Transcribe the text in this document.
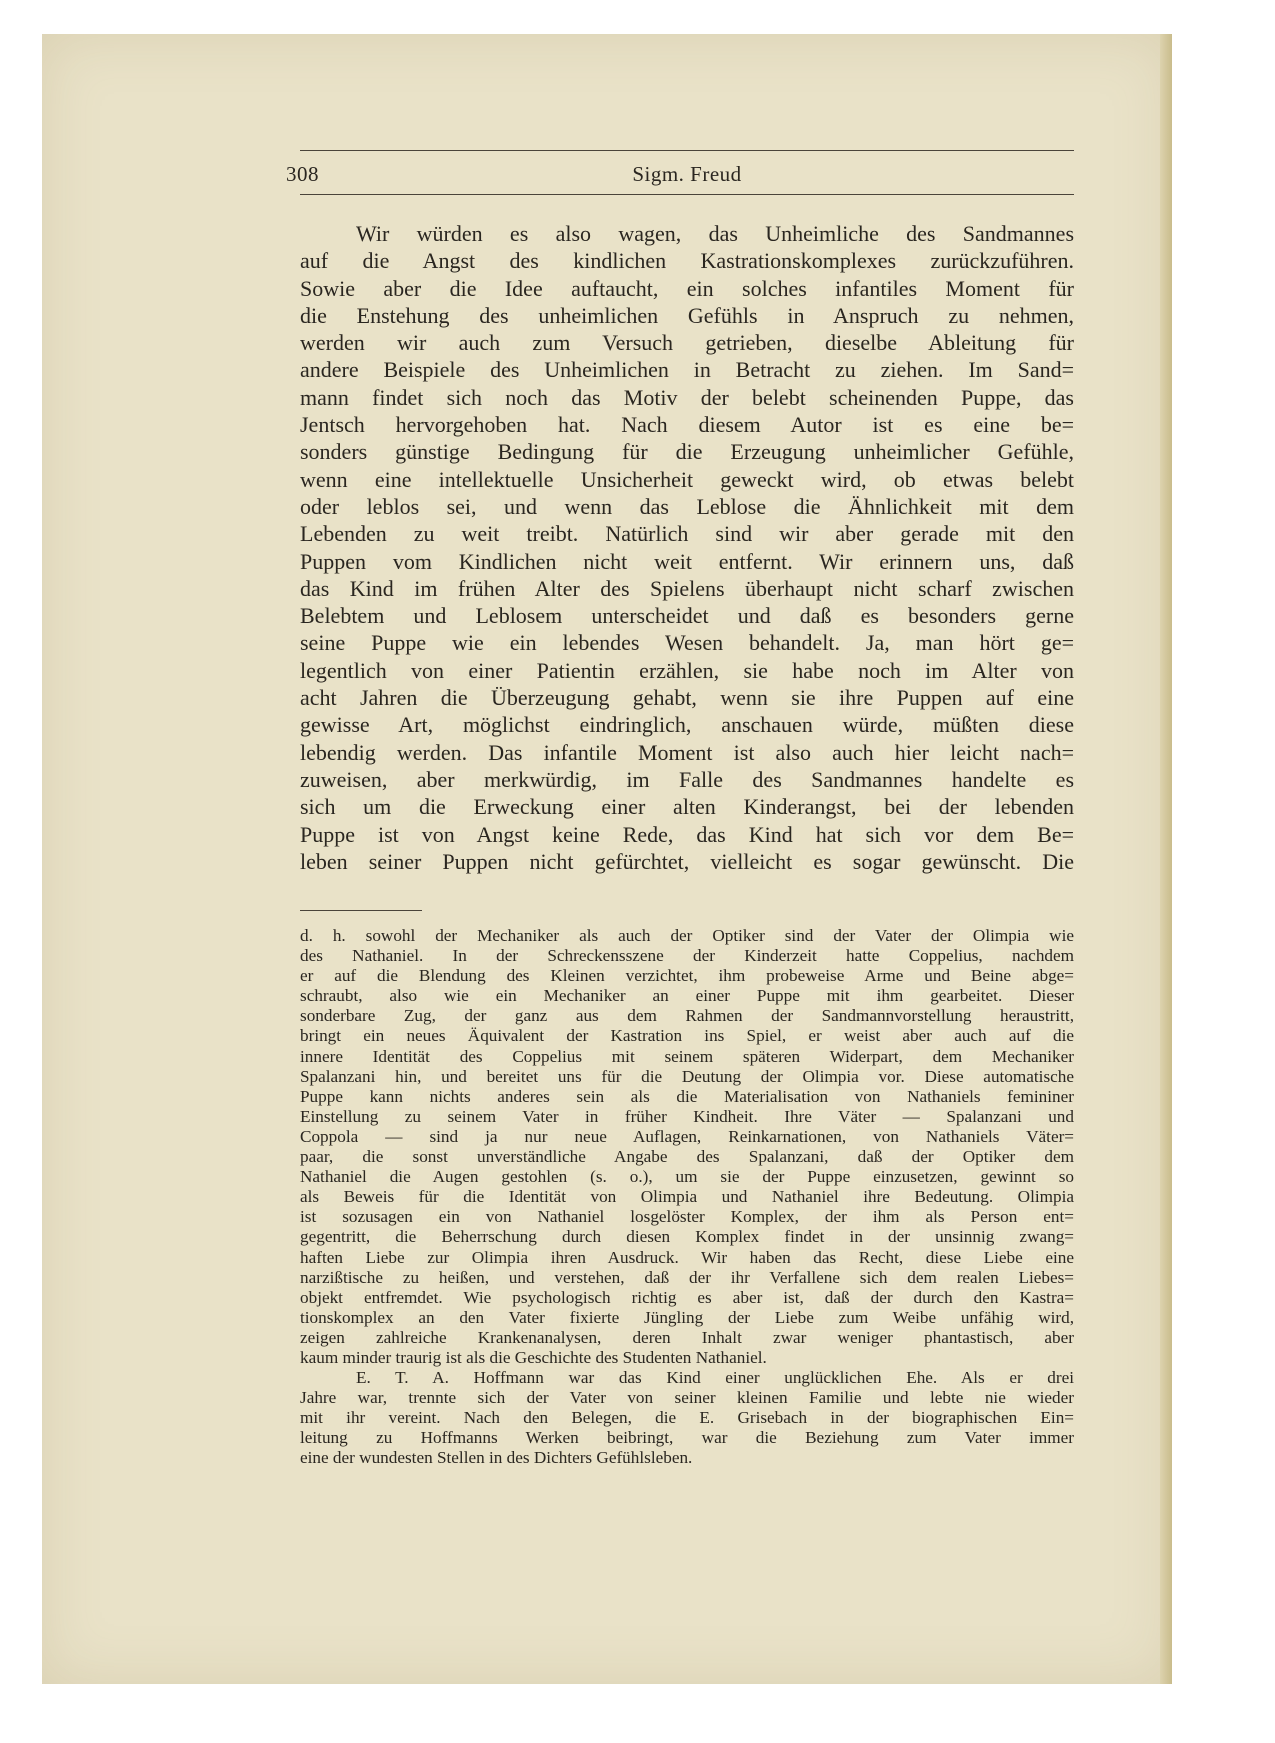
308	Sigm. Freud
Wir würden es also wagen, das Unheimliche des Sandmannes
auf die Angst des kindlichen Kastrationskomplexes zurückzuführen.
Sowie aber die Idee auftaucht, ein solches infantiles Moment für
die Enstehung des unheimlichen Gefühls in Anspruch zu nehmen,
werden wir auch zum Versuch getrieben, dieselbe Ableitung für
andere Beispiele des Unheimlichen in Betracht zu ziehen. Im Sand=
mann findet sich noch das Motiv der belebt scheinenden Puppe, das
Jentsch hervorgehoben hat. Nach diesem Autor ist es eine be=
sonders günstige Bedingung für die Erzeugung unheimlicher Gefühle,
wenn eine intellektuelle Unsicherheit geweckt wird, ob etwas belebt
oder leblos sei, und wenn das Leblose die Ähnlichkeit mit dem
Lebenden zu weit treibt. Natürlich sind wir aber gerade mit den
Puppen vom Kindlichen nicht weit entfernt. Wir erinnern uns, daß
das Kind im frühen Alter des Spielens überhaupt nicht scharf zwischen
Belebtem und Leblosem unterscheidet und daß es besonders gerne
seine Puppe wie ein lebendes Wesen behandelt. Ja, man hört ge=
legentlich von einer Patientin erzählen, sie habe noch im Alter von
acht Jahren die Überzeugung gehabt, wenn sie ihre Puppen auf eine
gewisse Art, möglichst eindringlich, anschauen würde, müßten diese
lebendig werden. Das infantile Moment ist also auch hier leicht nach=
zuweisen, aber merkwürdig, im Falle des Sandmannes handelte es
sich um die Erweckung einer alten Kinderangst, bei der lebenden
Puppe ist von Angst keine Rede, das Kind hat sich vor dem Be=
leben seiner Puppen nicht gefürchtet, vielleicht es sogar gewünscht. Die
d. h. sowohl der Mechaniker als auch der Optiker sind der Vater der Olimpia wie
des Nathaniel. In der Schreckensszene der Kinderzeit hatte Coppelius, nachdem
er auf die Blendung des Kleinen verzichtet, ihm probeweise Arme und Beine abge=
schraubt, also wie ein Mechaniker an einer Puppe mit ihm gearbeitet. Dieser
sonderbare Zug, der ganz aus dem Rahmen der Sandmannvorstellung heraustritt,
bringt ein neues Äquivalent der Kastration ins Spiel, er weist aber auch auf die
innere Identität des Coppelius mit seinem späteren Widerpart, dem Mechaniker
Spalanzani hin, und bereitet uns für die Deutung der Olimpia vor. Diese automatische
Puppe kann nichts anderes sein als die Materialisation von Nathaniels femininer
Einstellung zu seinem Vater in früher Kindheit. Ihre Väter — Spalanzani und
Coppola — sind ja nur neue Auflagen, Reinkarnationen, von Nathaniels Väter=
paar, die sonst unverständliche Angabe des Spalanzani, daß der Optiker dem
Nathaniel die Augen gestohlen (s. o.), um sie der Puppe einzusetzen, gewinnt so
als Beweis für die Identität von Olimpia und Nathaniel ihre Bedeutung. Olimpia
ist sozusagen ein von Nathaniel losgelöster Komplex, der ihm als Person ent=
gegentritt, die Beherrschung durch diesen Komplex findet in der unsinnig zwang=
haften Liebe zur Olimpia ihren Ausdruck. Wir haben das Recht, diese Liebe eine
narzißtische zu heißen, und verstehen, daß der ihr Verfallene sich dem realen Liebes=
objekt entfremdet. Wie psychologisch richtig es aber ist, daß der durch den Kastra=
tionskomplex an den Vater fixierte Jüngling der Liebe zum Weibe unfähig wird,
zeigen zahlreiche Krankenanalysen, deren Inhalt zwar weniger phantastisch, aber
kaum minder traurig ist als die Geschichte des Studenten Nathaniel.
E. T. A. Hoffmann war das Kind einer unglücklichen Ehe. Als er drei
Jahre war, trennte sich der Vater von seiner kleinen Familie und lebte nie wieder
mit ihr vereint. Nach den Belegen, die E. Grisebach in der biographischen Ein=
leitung zu Hoffmanns Werken beibringt, war die Beziehung zum Vater immer
eine der wundesten Stellen in des Dichters Gefühlsleben.
